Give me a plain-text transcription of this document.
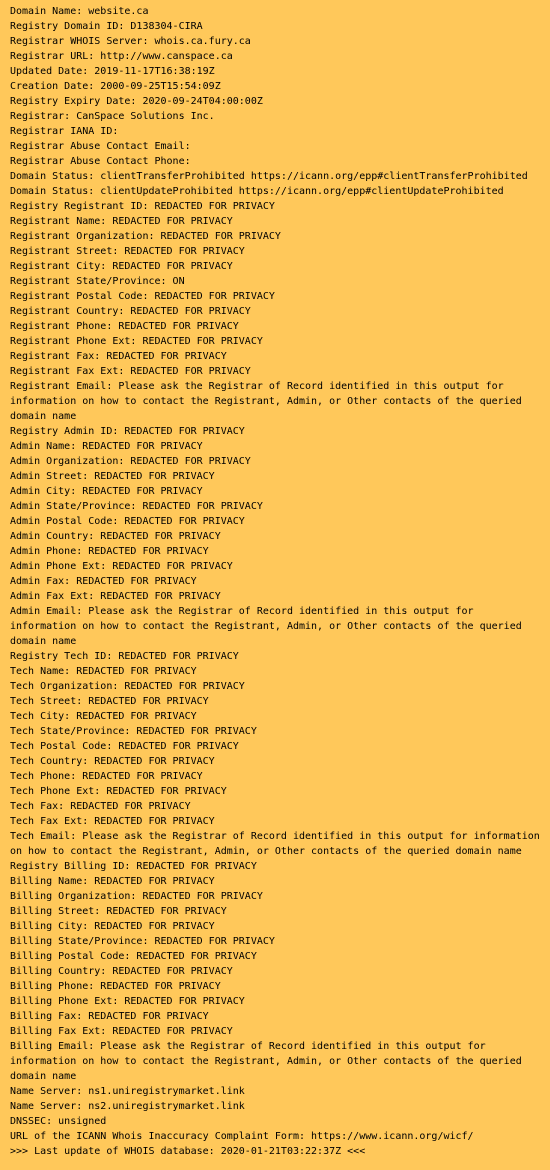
Domain Name: website.ca
Registry Domain ID: D138304-CIRA
Registrar WHOIS Server: whois.ca.fury.ca
Registrar URL: http://www.canspace.ca
Updated Date: 2019-11-17T16:38:19Z
Creation Date: 2000-09-25T15:54:09Z
Registry Expiry Date: 2020-09-24T04:00:00Z
Registrar: CanSpace Solutions Inc.
Registrar IANA ID:
Registrar Abuse Contact Email:
Registrar Abuse Contact Phone:
Domain Status: clientTransferProhibited https://icann.org/epp#clientTransferProhibited
Domain Status: clientUpdateProhibited https://icann.org/epp#clientUpdateProhibited
Registry Registrant ID: REDACTED FOR PRIVACY
Registrant Name: REDACTED FOR PRIVACY
Registrant Organization: REDACTED FOR PRIVACY
Registrant Street: REDACTED FOR PRIVACY
Registrant City: REDACTED FOR PRIVACY
Registrant State/Province: ON
Registrant Postal Code: REDACTED FOR PRIVACY
Registrant Country: REDACTED FOR PRIVACY
Registrant Phone: REDACTED FOR PRIVACY
Registrant Phone Ext: REDACTED FOR PRIVACY
Registrant Fax: REDACTED FOR PRIVACY
Registrant Fax Ext: REDACTED FOR PRIVACY
Registrant Email: Please ask the Registrar of Record identified in this output for information on how to contact the Registrant, Admin, or Other contacts of the queried domain name
Registry Admin ID: REDACTED FOR PRIVACY
Admin Name: REDACTED FOR PRIVACY
Admin Organization: REDACTED FOR PRIVACY
Admin Street: REDACTED FOR PRIVACY
Admin City: REDACTED FOR PRIVACY
Admin State/Province: REDACTED FOR PRIVACY
Admin Postal Code: REDACTED FOR PRIVACY
Admin Country: REDACTED FOR PRIVACY
Admin Phone: REDACTED FOR PRIVACY
Admin Phone Ext: REDACTED FOR PRIVACY
Admin Fax: REDACTED FOR PRIVACY
Admin Fax Ext: REDACTED FOR PRIVACY
Admin Email: Please ask the Registrar of Record identified in this output for information on how to contact the Registrant, Admin, or Other contacts of the queried domain name
Registry Tech ID: REDACTED FOR PRIVACY
Tech Name: REDACTED FOR PRIVACY
Tech Organization: REDACTED FOR PRIVACY
Tech Street: REDACTED FOR PRIVACY
Tech City: REDACTED FOR PRIVACY
Tech State/Province: REDACTED FOR PRIVACY
Tech Postal Code: REDACTED FOR PRIVACY
Tech Country: REDACTED FOR PRIVACY
Tech Phone: REDACTED FOR PRIVACY
Tech Phone Ext: REDACTED FOR PRIVACY
Tech Fax: REDACTED FOR PRIVACY
Tech Fax Ext: REDACTED FOR PRIVACY
Tech Email: Please ask the Registrar of Record identified in this output for information on how to contact the Registrant, Admin, or Other contacts of the queried domain name
Registry Billing ID: REDACTED FOR PRIVACY
Billing Name: REDACTED FOR PRIVACY
Billing Organization: REDACTED FOR PRIVACY
Billing Street: REDACTED FOR PRIVACY
Billing City: REDACTED FOR PRIVACY
Billing State/Province: REDACTED FOR PRIVACY
Billing Postal Code: REDACTED FOR PRIVACY
Billing Country: REDACTED FOR PRIVACY
Billing Phone: REDACTED FOR PRIVACY
Billing Phone Ext: REDACTED FOR PRIVACY
Billing Fax: REDACTED FOR PRIVACY
Billing Fax Ext: REDACTED FOR PRIVACY
Billing Email: Please ask the Registrar of Record identified in this output for information on how to contact the Registrant, Admin, or Other contacts of the queried domain name
Name Server: ns1.uniregistrymarket.link
Name Server: ns2.uniregistrymarket.link
DNSSEC: unsigned
URL of the ICANN Whois Inaccuracy Complaint Form: https://www.icann.org/wicf/
>>> Last update of WHOIS database: 2020-01-21T03:22:37Z <<<
